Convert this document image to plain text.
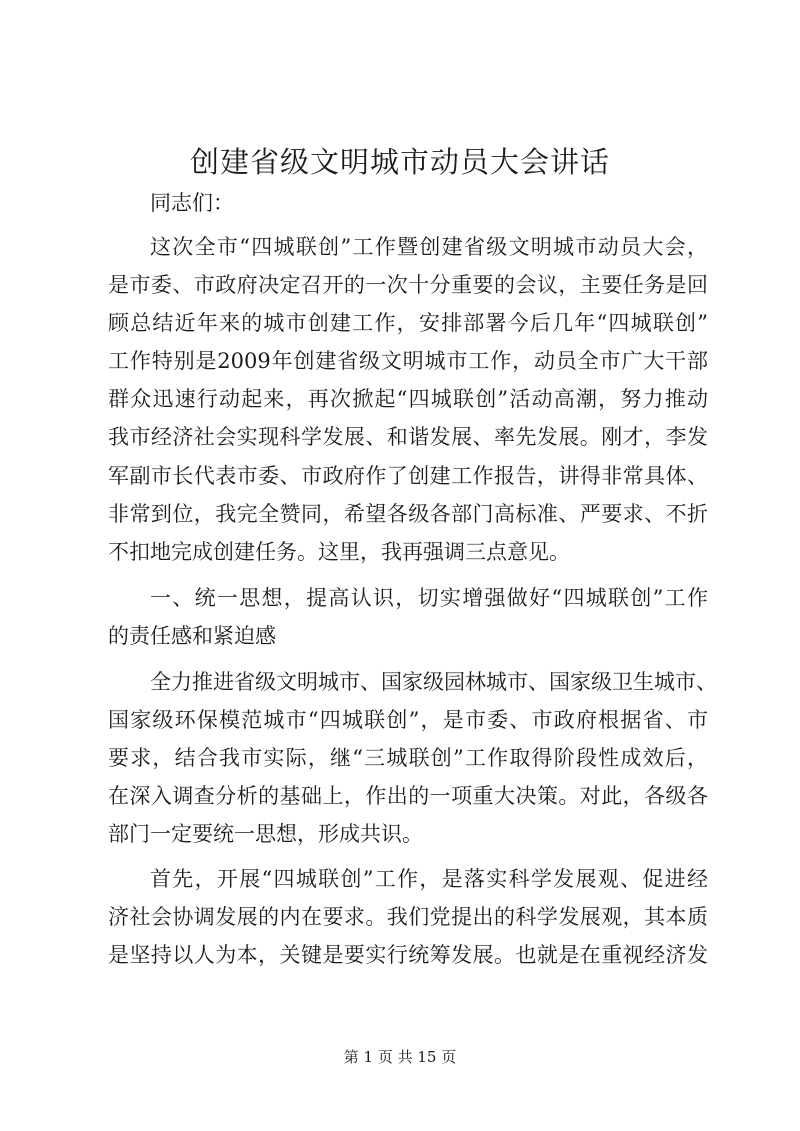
创建省级文明城市动员大会讲话
同志们：
这次全市“四城联创”工作暨创建省级文明城市动员大会，
是市委、市政府决定召开的一次十分重要的会议，主要任务是回
顾总结近年来的城市创建工作，安排部署今后几年“四城联创”
工作特别是2009年创建省级文明城市工作，动员全市广大干部
群众迅速行动起来，再次掀起“四城联创”活动高潮，努力推动
我市经济社会实现科学发展、和谐发展、率先发展。刚才，李发
军副市长代表市委、市政府作了创建工作报告，讲得非常具体、
非常到位，我完全赞同，希望各级各部门高标准、严要求、不折
不扣地完成创建任务。这里，我再强调三点意见。
一、统一思想，提高认识，切实增强做好“四城联创”工作
的责任感和紧迫感
全力推进省级文明城市、国家级园林城市、国家级卫生城市、
国家级环保模范城市“四城联创”，是市委、市政府根据省、市
要求，结合我市实际，继“三城联创”工作取得阶段性成效后，
在深入调查分析的基础上，作出的一项重大决策。对此，各级各
部门一定要统一思想，形成共识。
首先，开展“四城联创”工作，是落实科学发展观、促进经
济社会协调发展的内在要求。我们党提出的科学发展观，其本质
是坚持以人为本，关键是要实行统筹发展。也就是在重视经济发
第 1 页 共 15 页
